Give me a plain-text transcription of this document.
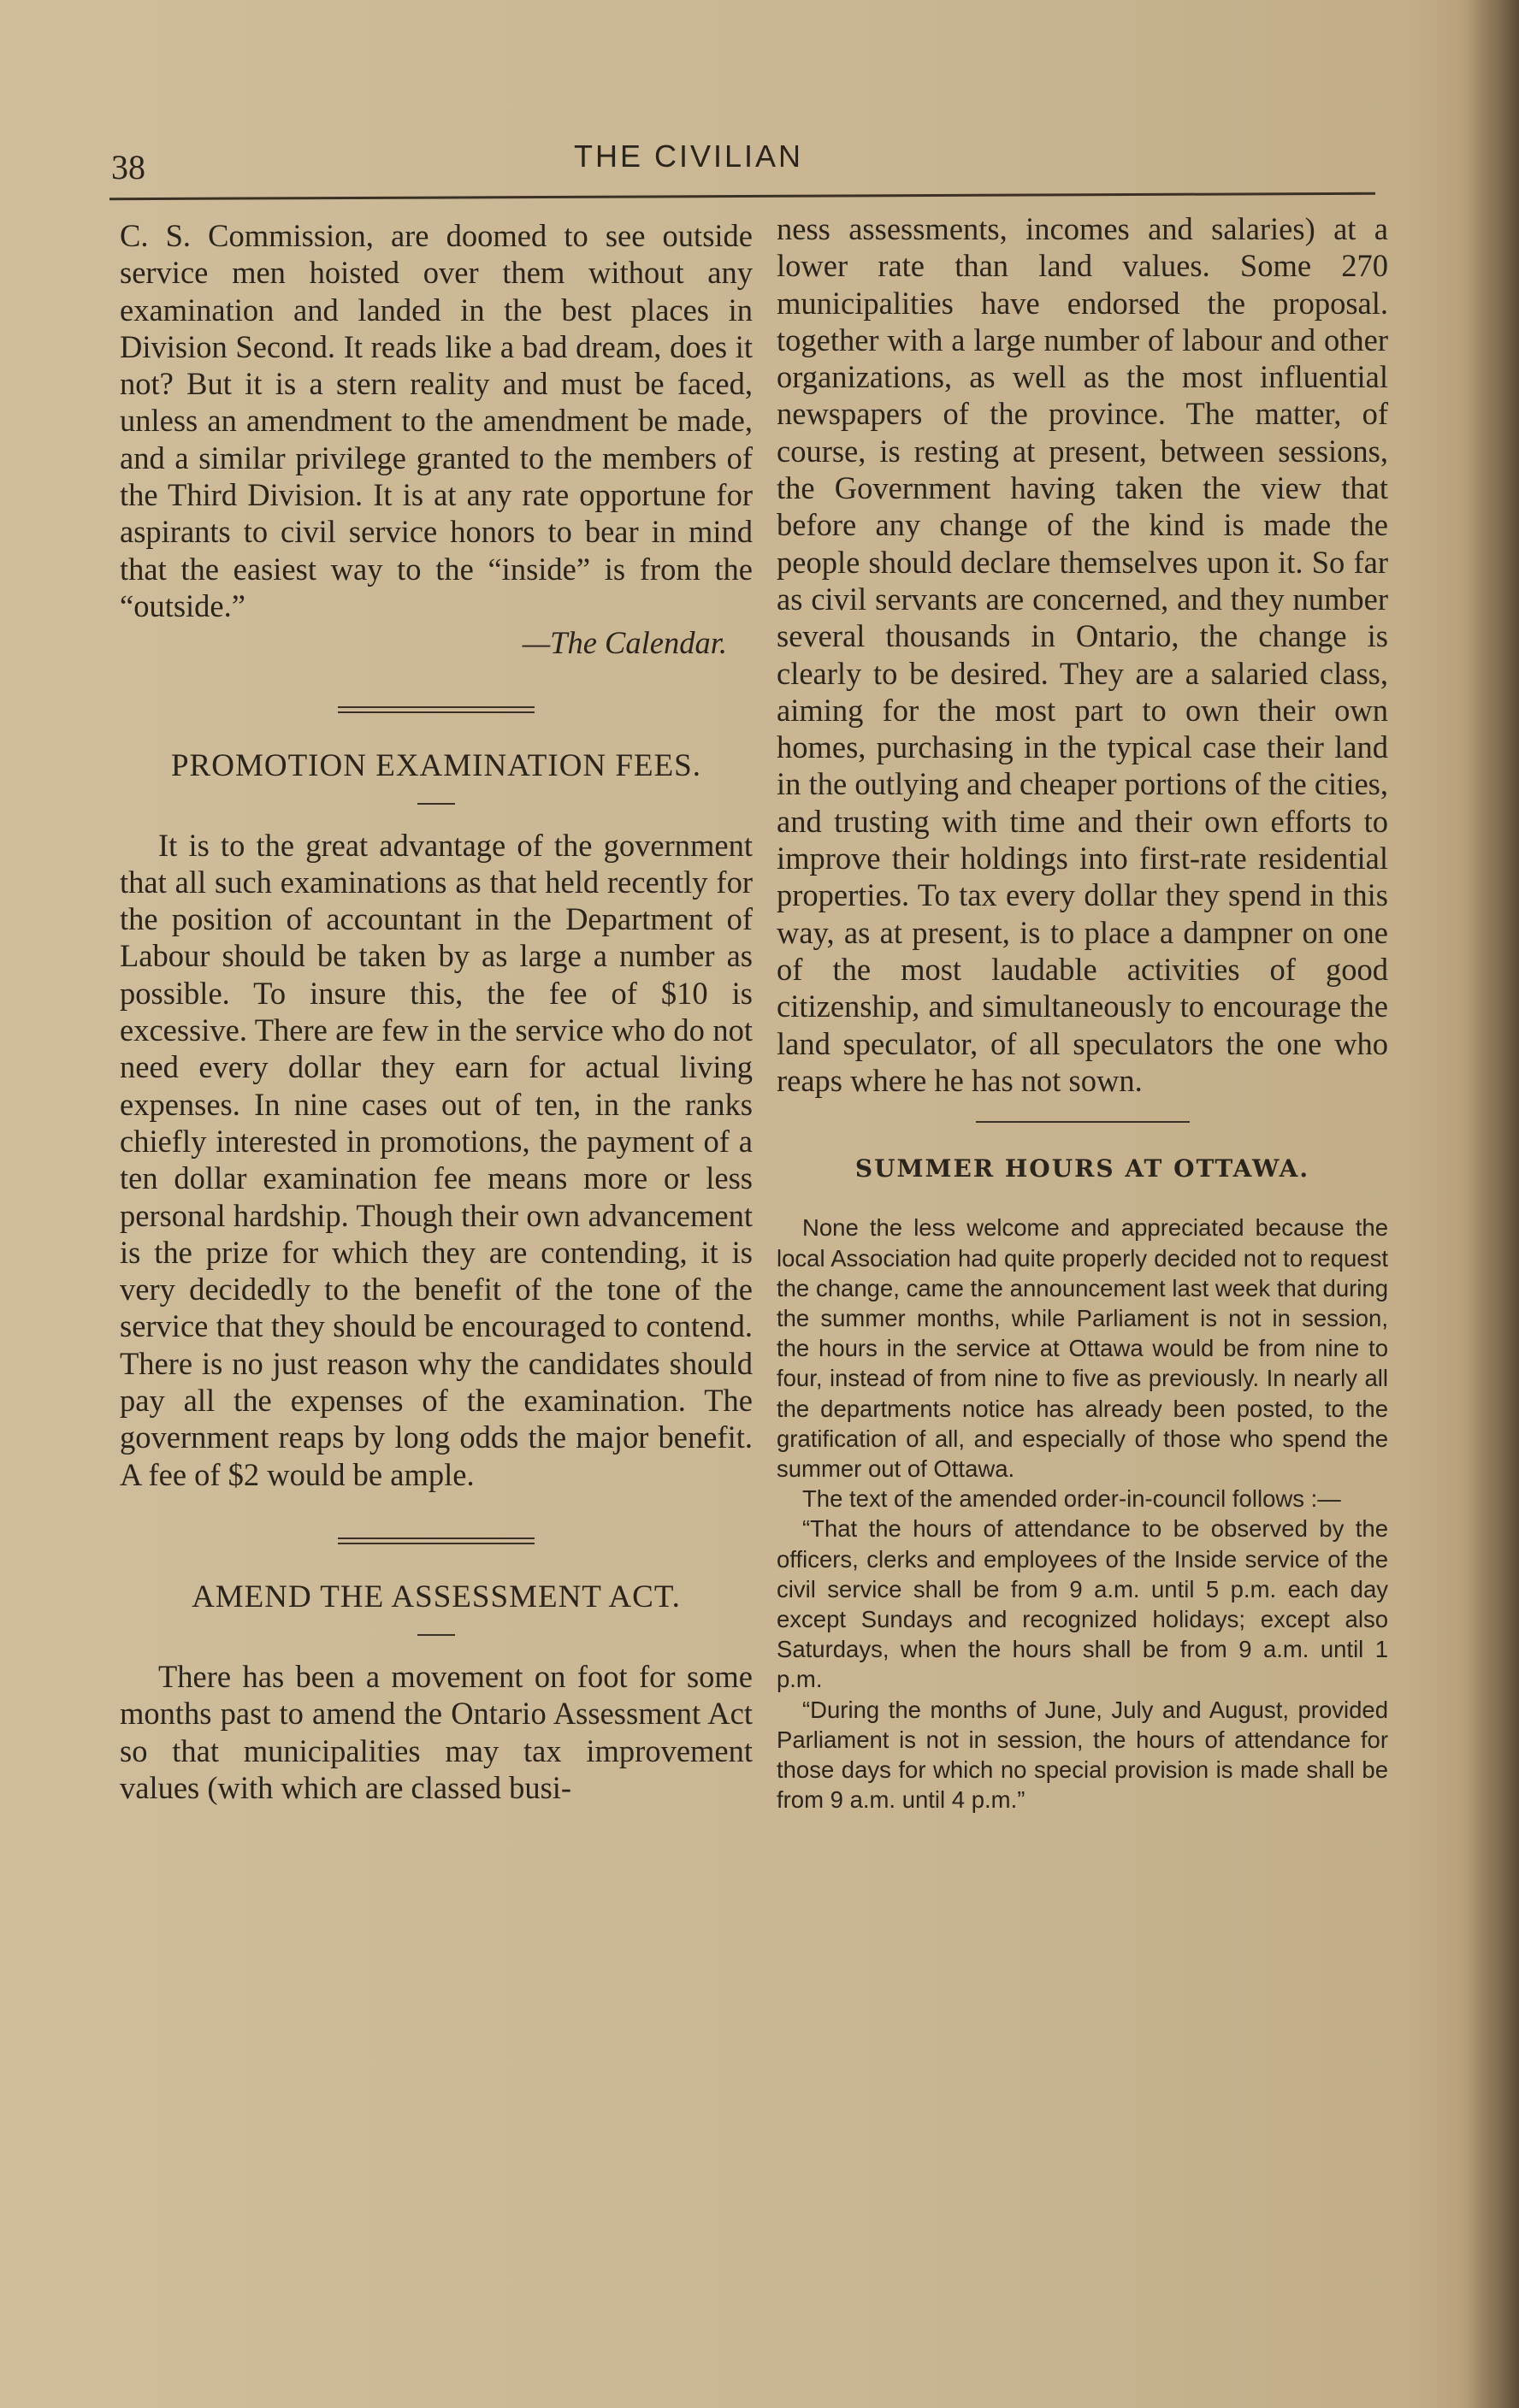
38	THE CIVILIAN

C. S. Commission, are doomed to see outside service men hoisted over them without any examination and landed in the best places in Division Second. It reads like a bad dream, does it not? But it is a stern reality and must be faced, unless an amendment to the amendment be made, and a similar privilege granted to the members of the Third Division. It is at any rate opportune for aspirants to civil service honors to bear in mind that the easiest way to the “inside” is from the “outside.”

—The Calendar.

PROMOTION EXAMINATION FEES.

It is to the great advantage of the government that all such examinations as that held recently for the position of accountant in the Department of Labour should be taken by as large a number as possible. To insure this, the fee of $10 is excessive. There are few in the service who do not need every dollar they earn for actual living expenses. In nine cases out of ten, in the ranks chiefly interested in promotions, the payment of a ten dollar examination fee means more or less personal hardship. Though their own advancement is the prize for which they are contending, it is very decidedly to the benefit of the tone of the service that they should be encouraged to contend. There is no just reason why the candidates should pay all the expenses of the examination. The government reaps by long odds the major benefit. A fee of $2 would be ample.

AMEND THE ASSESSMENT ACT.

There has been a movement on foot for some months past to amend the Ontario Assessment Act so that municipalities may tax improvement values (with which are classed busi-

ness assessments, incomes and salaries) at a lower rate than land values. Some 270 municipalities have endorsed the proposal. together with a large number of labour and other organizations, as well as the most influential newspapers of the province. The matter, of course, is resting at present, between sessions, the Government having taken the view that before any change of the kind is made the people should declare themselves upon it. So far as civil servants are concerned, and they number several thousands in Ontario, the change is clearly to be desired. They are a salaried class, aiming for the most part to own their own homes, purchasing in the typical case their land in the outlying and cheaper portions of the cities, and trusting with time and their own efforts to improve their holdings into first-rate residential properties. To tax every dollar they spend in this way, as at present, is to place a dampner on one of the most laudable activities of good citizenship, and simultaneously to encourage the land speculator, of all speculators the one who reaps where he has not sown.

SUMMER HOURS AT OTTAWA.

None the less welcome and appreciated because the local Association had quite properly decided not to request the change, came the announcement last week that during the summer months, while Parliament is not in session, the hours in the service at Ottawa would be from nine to four, instead of from nine to five as previously. In nearly all the departments notice has already been posted, to the gratification of all, and especially of those who spend the summer out of Ottawa.

The text of the amended order-in-council follows :—

“That the hours of attendance to be observed by the officers, clerks and employees of the Inside service of the civil service shall be from 9 a.m. until 5 p.m. each day except Sundays and recognized holidays; except also Saturdays, when the hours shall be from 9 a.m. until 1 p.m.

“During the months of June, July and August, provided Parliament is not in session, the hours of attendance for those days for which no special provision is made shall be from 9 a.m. until 4 p.m.”
